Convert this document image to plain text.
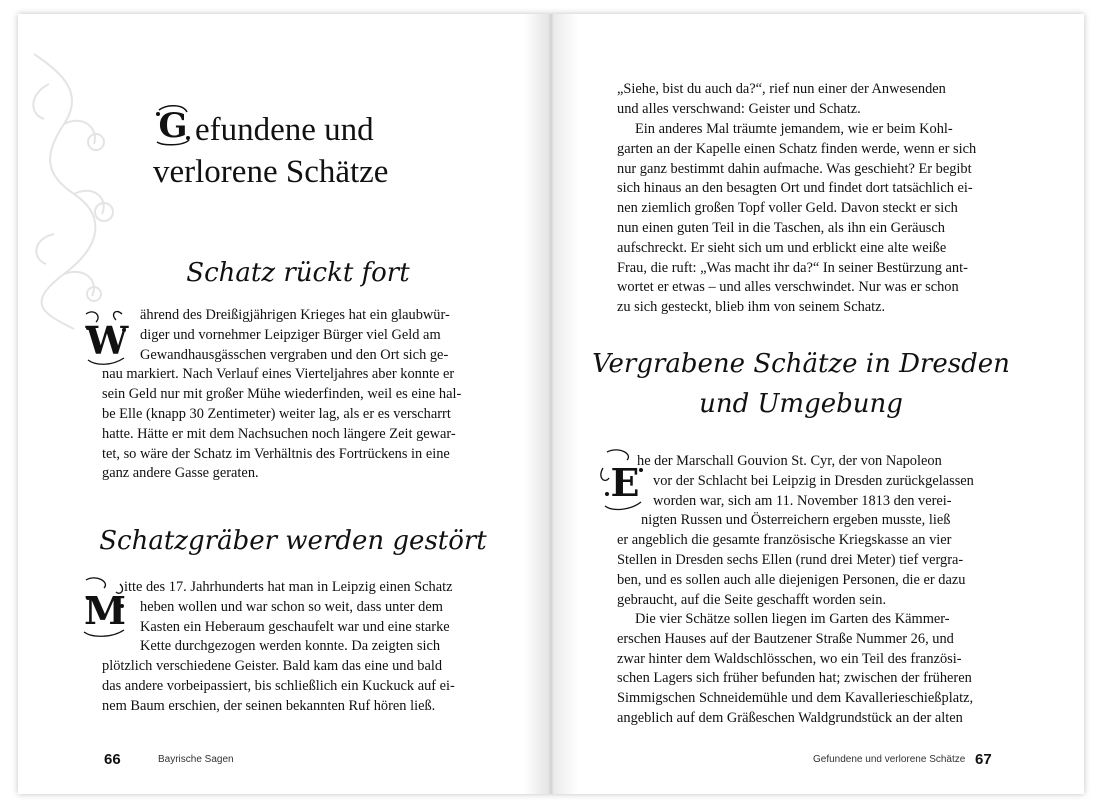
G efundene und
verlorene Schätze
Schatz rückt fort
W
ährend des Dreißigjährigen Krieges hat ein glaubwür-
diger und vornehmer Leipziger Bürger viel Geld am
Gewandhausgässchen vergraben und den Ort sich ge-
nau markiert. Nach Verlauf eines Vierteljahres aber konnte er
sein Geld nur mit großer Mühe wiederfinden, weil es eine hal-
be Elle (knapp 30 Zentimeter) weiter lag, als er es verscharrt
hatte. Hätte er mit dem Nachsuchen noch längere Zeit gewar-
tet, so wäre der Schatz im Verhältnis des Fortrückens in eine
ganz andere Gasse geraten.
Schatzgräber werden gestört
M
itte des 17. Jahrhunderts hat man in Leipzig einen Schatz
heben wollen und war schon so weit, dass unter dem
Kasten ein Heberaum geschaufelt war und eine starke
Kette durchgezogen werden konnte. Da zeigten sich
plötzlich verschiedene Geister. Bald kam das eine und bald
das andere vorbeipassiert, bis schließlich ein Kuckuck auf ei-
nem Baum erschien, der seinen bekannten Ruf hören ließ.
66	Bayrische Sagen
„Siehe, bist du auch da?“, rief nun einer der Anwesenden
und alles verschwand: Geister und Schatz.
Ein anderes Mal träumte jemandem, wie er beim Kohl-
garten an der Kapelle einen Schatz finden werde, wenn er sich
nur ganz bestimmt dahin aufmache. Was geschieht? Er begibt
sich hinaus an den besagten Ort und findet dort tatsächlich ei-
nen ziemlich großen Topf voller Geld. Davon steckt er sich
nun einen guten Teil in die Taschen, als ihn ein Geräusch
aufschreckt. Er sieht sich um und erblickt eine alte weiße
Frau, die ruft: „Was macht ihr da?“ In seiner Bestürzung ant-
wortet er etwas – und alles verschwindet. Nur was er schon
zu sich gesteckt, blieb ihm von seinem Schatz.
Vergrabene Schätze in Dresden
und Umgebung
E
he der Marschall Gouvion St. Cyr, der von Napoleon
vor der Schlacht bei Leipzig in Dresden zurückgelassen
worden war, sich am 11. November 1813 den verei-
nigten Russen und Österreichern ergeben musste, ließ
er angeblich die gesamte französische Kriegskasse an vier
Stellen in Dresden sechs Ellen (rund drei Meter) tief vergra-
ben, und es sollen auch alle diejenigen Personen, die er dazu
gebraucht, auf die Seite geschafft worden sein.
Die vier Schätze sollen liegen im Garten des Kämmer-
erschen Hauses auf der Bautzener Straße Nummer 26, und
zwar hinter dem Waldschlösschen, wo ein Teil des französi-
schen Lagers sich früher befunden hat; zwischen der früheren
Simmigschen Schneidemühle und dem Kavallerieschießplatz,
angeblich auf dem Gräßeschen Waldgrundstück an der alten
Gefundene und verlorene Schätze 67
